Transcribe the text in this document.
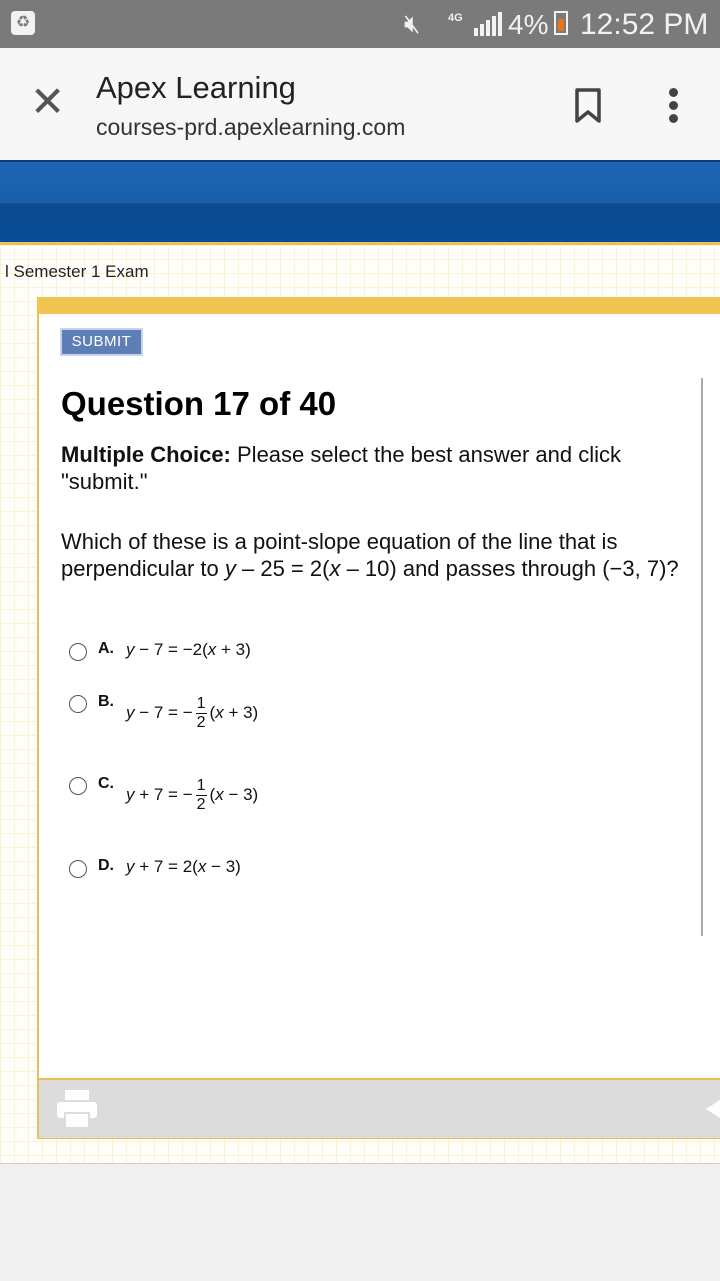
♻	🔇︎	4G 4% 12:52 PM
✕ Apex Learning
courses-prd.apexlearning.com
l Semester 1 Exam
SUBMIT
Question 17 of 40
Multiple Choice: Please select the best answer and click "submit."
Which of these is a point-slope equation of the line that is perpendicular to y – 25 = 2(x – 10) and passes through (−3, 7)?
A. y − 7 = −2(x + 3)
B.
y − 7 = − $\frac{1}{2} (x + 3)$
C.
y + 7 = − $\frac{1}{2} (x - 3)$
D. y + 7 = 2(x − 3)
